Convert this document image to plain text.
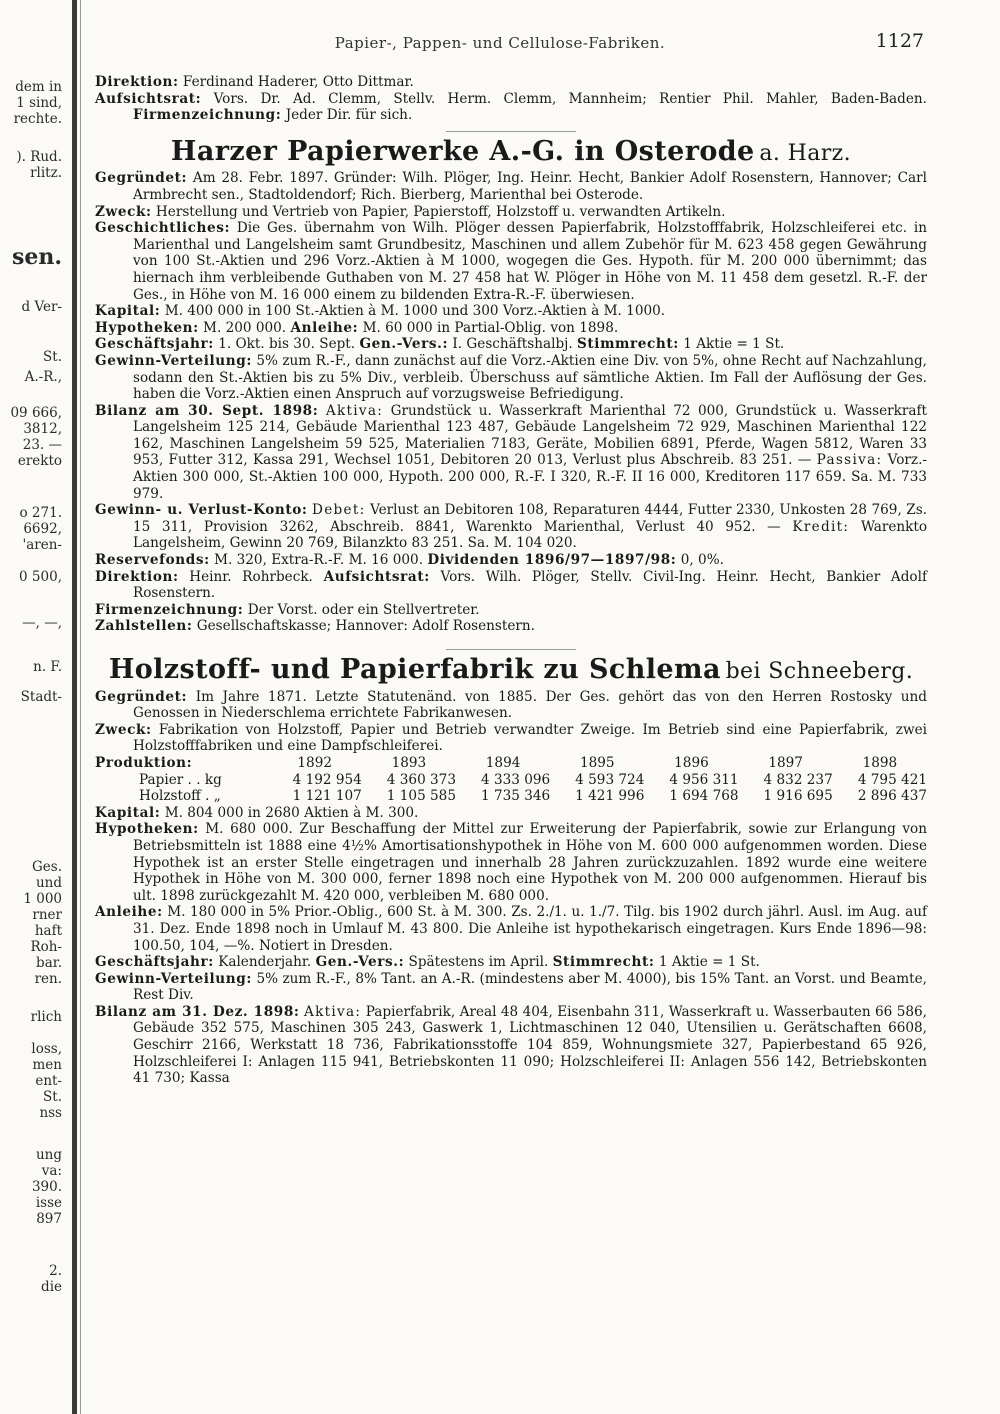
dem in
1 sind,
rechte.
). Rud.
rlitz.
sen.
d Ver-
St.
A.-R.,
09 666,
3812,
23. —
erekto
o 271.
6692,
'aren-
0 500,
—, —,
n. F.
Stadt-
Ges.
und
1 000
rner
haft
Roh-
bar.
ren.
rlich
loss,
men
ent-
St.
nss
ung
va:
390.
isse
897
2.
die
Papier-, Pappen- und Cellulose-Fabriken.	1127

Direktion: Ferdinand Haderer, Otto Dittmar.

Aufsichtsrat: Vors. Dr. Ad. Clemm, Stellv. Herm. Clemm, Mannheim; Rentier Phil. Mahler, Baden-Baden. Firmenzeichnung: Jeder Dir. für sich.

Harzer Papierwerke A.-G. in Osterode a. Harz.

Gegründet: Am 28. Febr. 1897. Gründer: Wilh. Plöger, Ing. Heinr. Hecht, Bankier Adolf Rosenstern, Hannover; Carl Armbrecht sen., Stadtoldendorf; Rich. Bierberg, Marienthal bei Osterode.

Zweck: Herstellung und Vertrieb von Papier, Papierstoff, Holzstoff u. verwandten Artikeln.

Geschichtliches: Die Ges. übernahm von Wilh. Plöger dessen Papierfabrik, Holzstofffabrik, Holzschleiferei etc. in Marienthal und Langelsheim samt Grundbesitz, Maschinen und allem Zubehör für M. 623 458 gegen Gewährung von 100 St.-Aktien und 296 Vorz.-Aktien à M 1000, wogegen die Ges. Hypoth. für M. 200 000 übernimmt; das hiernach ihm verbleibende Guthaben von M. 27 458 hat W. Plöger in Höhe von M. 11 458 dem gesetzl. R.-F. der Ges., in Höhe von M. 16 000 einem zu bildenden Extra-R.-F. überwiesen.

Kapital: M. 400 000 in 100 St.-Aktien à M. 1000 und 300 Vorz.-Aktien à M. 1000.

Hypotheken: M. 200 000. Anleihe: M. 60 000 in Partial-Oblig. von 1898.

Geschäftsjahr: 1. Okt. bis 30. Sept. Gen.-Vers.: I. Geschäftshalbj. Stimmrecht: 1 Aktie = 1 St.

Gewinn-Verteilung: 5% zum R.-F., dann zunächst auf die Vorz.-Aktien eine Div. von 5%, ohne Recht auf Nachzahlung, sodann den St.-Aktien bis zu 5% Div., verbleib. Überschuss auf sämtliche Aktien. Im Fall der Auflösung der Ges. haben die Vorz.-Aktien einen Anspruch auf vorzugsweise Befriedigung.

Bilanz am 30. Sept. 1898: Aktiva: Grundstück u. Wasserkraft Marienthal 72 000, Grundstück u. Wasserkraft Langelsheim 125 214, Gebäude Marienthal 123 487, Gebäude Langelsheim 72 929, Maschinen Marienthal 122 162, Maschinen Langelsheim 59 525, Materialien 7183, Geräte, Mobilien 6891, Pferde, Wagen 5812, Waren 33 953, Futter 312, Kassa 291, Wechsel 1051, Debitoren 20 013, Verlust plus Abschreib. 83 251. — Passiva: Vorz.-Aktien 300 000, St.-Aktien 100 000, Hypoth. 200 000, R.-F. I 320, R.-F. II 16 000, Kreditoren 117 659. Sa. M. 733 979.

Gewinn- u. Verlust-Konto: Debet: Verlust an Debitoren 108, Reparaturen 4444, Futter 2330, Unkosten 28 769, Zs. 15 311, Provision 3262, Abschreib. 8841, Warenkto Marienthal, Verlust 40 952. — Kredit: Warenkto Langelsheim, Gewinn 20 769, Bilanzkto 83 251. Sa. M. 104 020.

Reservefonds: M. 320, Extra-R.-F. M. 16 000. Dividenden 1896/97—1897/98: 0, 0%.

Direktion: Heinr. Rohrbeck. Aufsichtsrat: Vors. Wilh. Plöger, Stellv. Civil-Ing. Heinr. Hecht, Bankier Adolf Rosenstern.

Firmenzeichnung: Der Vorst. oder ein Stellvertreter.

Zahlstellen: Gesellschaftskasse; Hannover: Adolf Rosenstern.

Holzstoff- und Papierfabrik zu Schlema bei Schneeberg.

Gegründet: Im Jahre 1871. Letzte Statutenänd. von 1885. Der Ges. gehört das von den Herren Rostosky und Genossen in Niederschlema errichtete Fabrikanwesen.

Zweck: Fabrikation von Holzstoff, Papier und Betrieb verwandter Zweige. Im Betrieb sind eine Papierfabrik, zwei Holzstofffabriken und eine Dampfschleiferei.

Produktion:	1892	1893	1894	1895	1896	1897	1898
Papier . . kg	4 192 954	4 360 373	4 333 096	4 593 724	4 956 311	4 832 237	4 795 421
Holzstoff . „	1 121 107	1 105 585	1 735 346	1 421 996	1 694 768	1 916 695	2 896 437

Kapital: M. 804 000 in 2680 Aktien à M. 300.

Hypotheken: M. 680 000. Zur Beschaffung der Mittel zur Erweiterung der Papierfabrik, sowie zur Erlangung von Betriebsmitteln ist 1888 eine 4½% Amortisationshypothek in Höhe von M. 600 000 aufgenommen worden. Diese Hypothek ist an erster Stelle eingetragen und innerhalb 28 Jahren zurückzuzahlen. 1892 wurde eine weitere Hypothek in Höhe von M. 300 000, ferner 1898 noch eine Hypothek von M. 200 000 aufgenommen. Hierauf bis ult. 1898 zurückgezahlt M. 420 000, verbleiben M. 680 000.

Anleihe: M. 180 000 in 5% Prior.-Oblig., 600 St. à M. 300. Zs. 2./1. u. 1./7. Tilg. bis 1902 durch jährl. Ausl. im Aug. auf 31. Dez. Ende 1898 noch in Umlauf M. 43 800. Die Anleihe ist hypothekarisch eingetragen. Kurs Ende 1896—98: 100.50, 104, —%. Notiert in Dresden.

Geschäftsjahr: Kalenderjahr. Gen.-Vers.: Spätestens im April. Stimmrecht: 1 Aktie = 1 St.

Gewinn-Verteilung: 5% zum R.-F., 8% Tant. an A.-R. (mindestens aber M. 4000), bis 15% Tant. an Vorst. und Beamte, Rest Div.

Bilanz am 31. Dez. 1898: Aktiva: Papierfabrik, Areal 48 404, Eisenbahn 311, Wasserkraft u. Wasserbauten 66 586, Gebäude 352 575, Maschinen 305 243, Gaswerk 1, Lichtmaschinen 12 040, Utensilien u. Gerätschaften 6608, Geschirr 2166, Werkstatt 18 736, Fabrikationsstoffe 104 859, Wohnungsmiete 327, Papierbestand 65 926, Holzschleiferei I: Anlagen 115 941, Betriebskonten 11 090; Holzschleiferei II: Anlagen 556 142, Betriebskonten 41 730; Kassa
